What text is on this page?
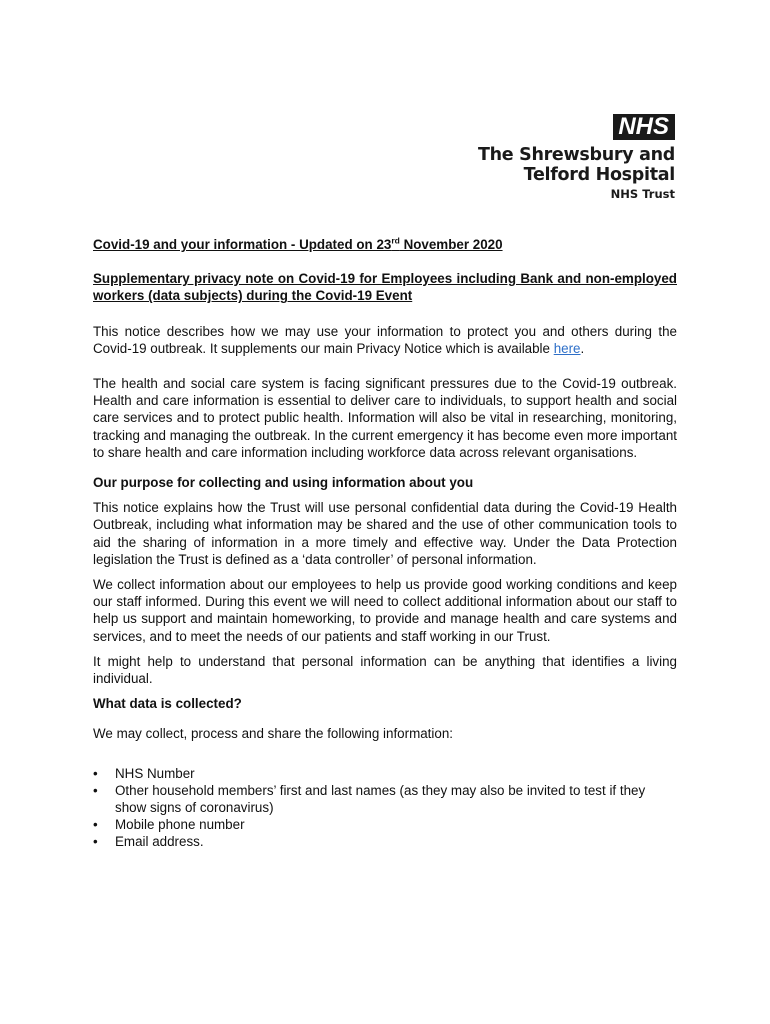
NHS
The Shrewsbury and
Telford Hospital
NHS Trust

Covid-19 and your information - Updated on 23rd November 2020

Supplementary privacy note on Covid-19 for Employees including Bank and non-employed workers (data subjects) during the Covid-19 Event

This notice describes how we may use your information to protect you and others during the Covid-19 outbreak. It supplements our main Privacy Notice which is available here.

The health and social care system is facing significant pressures due to the Covid-19 outbreak. Health and care information is essential to deliver care to individuals, to support health and social care services and to protect public health. Information will also be vital in researching, monitoring, tracking and managing the outbreak. In the current emergency it has become even more important to share health and care information including workforce data across relevant organisations.

Our purpose for collecting and using information about you

This notice explains how the Trust will use personal confidential data during the Covid-19 Health Outbreak, including what information may be shared and the use of other communication tools to aid the sharing of information in a more timely and effective way. Under the Data Protection legislation the Trust is defined as a ‘data controller’ of personal information.

We collect information about our employees to help us provide good working conditions and keep our staff informed. During this event we will need to collect additional information about our staff to help us support and maintain homeworking, to provide and manage health and care systems and services, and to meet the needs of our patients and staff working in our Trust.

It might help to understand that personal information can be anything that identifies a living individual.

What data is collected?

We may collect, process and share the following information:

• NHS Number
• Other household members’ first and last names (as they may also be invited to test if they show signs of coronavirus)
• Mobile phone number
• Email address.
